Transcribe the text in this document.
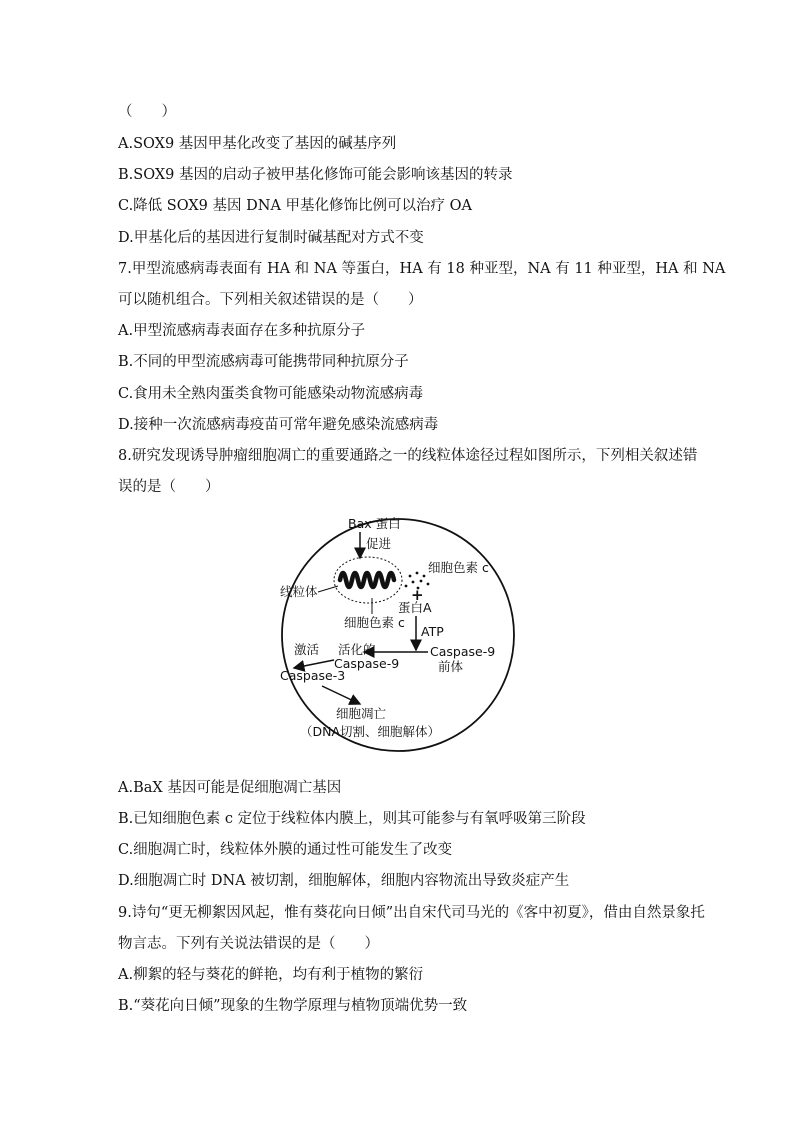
（　　）
A.SOX9 基因甲基化改变了基因的碱基序列
B.SOX9 基因的启动子被甲基化修饰可能会影响该基因的转录
C.降低 SOX9 基因 DNA 甲基化修饰比例可以治疗 OA
D.甲基化后的基因进行复制时碱基配对方式不变
7.甲型流感病毒表面有 HA 和 NA 等蛋白，HA 有 18 种亚型，NA 有 11 种亚型，HA 和 NA
可以随机组合。下列相关叙述错误的是（　　）
A.甲型流感病毒表面存在多种抗原分子
B.不同的甲型流感病毒可能携带同种抗原分子
C.食用未全熟肉蛋类食物可能感染动物流感病毒
D.接种一次流感病毒疫苗可常年避免感染流感病毒
8.研究发现诱导肿瘤细胞凋亡的重要通路之一的线粒体途径过程如图所示，下列相关叙述错
误的是（　　）
Bax 蛋白
促进
线粒体
细胞色素 c
+
蛋白A
细胞色素 c
ATP
Caspase-9
前体
活化的
Caspase-9
激活
Caspase-3
细胞凋亡
（DNA切割、细胞解体）
A.BaX 基因可能是促细胞凋亡基因
B.已知细胞色素 c 定位于线粒体内膜上，则其可能参与有氧呼吸第三阶段
C.细胞凋亡时，线粒体外膜的通过性可能发生了改变
D.细胞凋亡时 DNA 被切割，细胞解体，细胞内容物流出导致炎症产生
9.诗句“更无柳絮因风起，惟有葵花向日倾”出自宋代司马光的《客中初夏》，借由自然景象托
物言志。下列有关说法错误的是（　　）
A.柳絮的轻与葵花的鲜艳，均有利于植物的繁衍
B.“葵花向日倾”现象的生物学原理与植物顶端优势一致
